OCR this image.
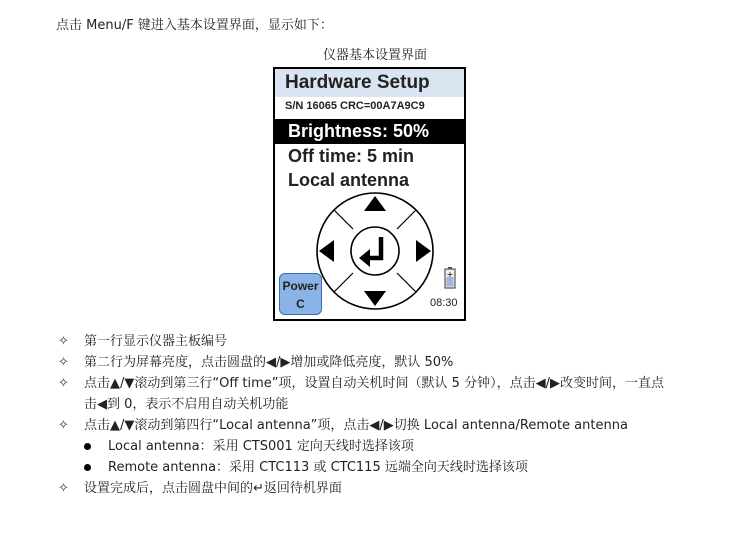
点击 Menu/F 键进入基本设置界面，显示如下：
仪器基本设置界面
Hardware Setup
S/N 16065 CRC=00A7A9C9
Brightness: 50%
Off time: 5 min
Local antenna
Power
C
+
08:30
✧ 第一行显示仪器主板编号
✧ 第二行为屏幕亮度，点击圆盘的◀/▶增加或降低亮度，默认 50%
✧ 点击▲/▼滚动到第三行“Off time”项，设置自动关机时间（默认 5 分钟），点击◀/▶改变时间，一直点
击◀到 0，表示不启用自动关机功能
✧ 点击▲/▼滚动到第四行“Local antenna”项，点击◀/▶切换 Local antenna/Remote antenna
Local antenna：采用 CTS001 定向天线时选择该项
Remote antenna：采用 CTC113 或 CTC115 远端全向天线时选择该项
✧ 设置完成后，点击圆盘中间的↵返回待机界面
